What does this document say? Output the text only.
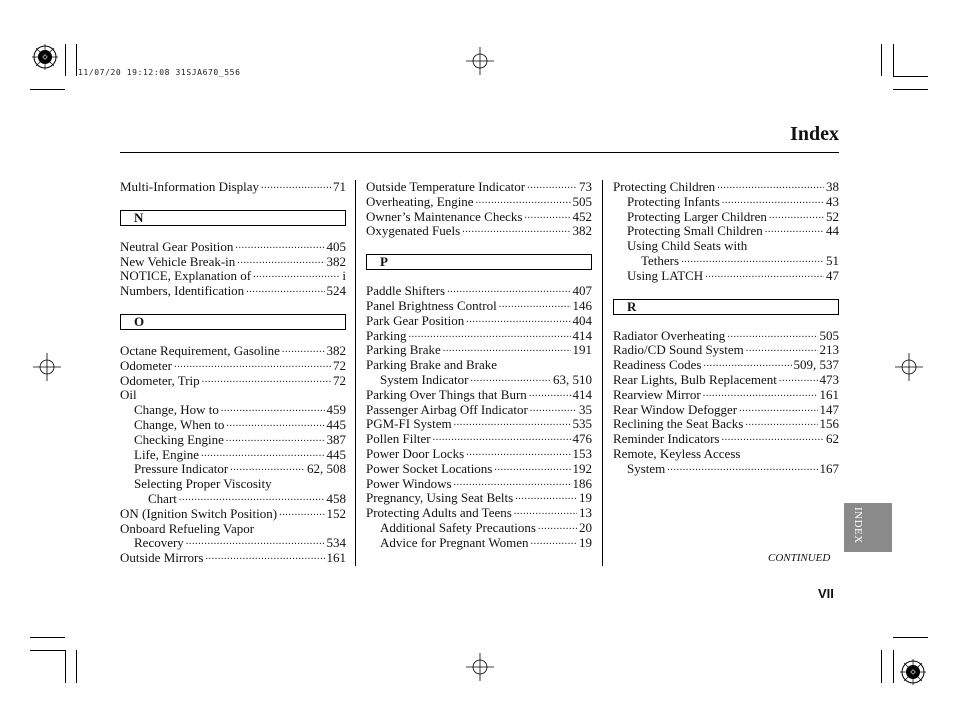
11/07/20 19:12:08 31SJA670_556
Index
Multi-Information Display .....	71
N
Neutral Gear Position .....	405
New Vehicle Break-in .....	382
NOTICE, Explanation of .....	i
Numbers, Identification .....	524
O
Octane Requirement, Gasoline .....	382
Odometer .....	72
Odometer, Trip .....	72
Oil
Change, How to .....	459
Change, When to .....	445
Checking Engine .....	387
Life, Engine .....	445
Pressure Indicator .....	62, 508
Selecting Proper Viscosity
Chart .....	458
ON (Ignition Switch Position) .....	152
Onboard Refueling Vapor
Recovery .....	534
Outside Mirrors .....	161
Outside Temperature Indicator .....	73
Overheating, Engine .....	505
Owner’s Maintenance Checks .....	452
Oxygenated Fuels .....	382
P
Paddle Shifters .....	407
Panel Brightness Control .....	146
Park Gear Position .....	404
Parking .....	414
Parking Brake .....	191
Parking Brake and Brake
System Indicator .....	63, 510
Parking Over Things that Burn .....	414
Passenger Airbag Off Indicator .....	35
PGM-FI System .....	535
Pollen Filter .....	476
Power Door Locks .....	153
Power Socket Locations .....	192
Power Windows .....	186
Pregnancy, Using Seat Belts .....	19
Protecting Adults and Teens .....	13
Additional Safety Precautions .....	20
Advice for Pregnant Women .....	19
Protecting Children .....	38
Protecting Infants .....	43
Protecting Larger Children .....	52
Protecting Small Children .....	44
Using Child Seats with
Tethers .....	51
Using LATCH .....	47
R
Radiator Overheating .....	505
Radio/CD Sound System .....	213
Readiness Codes .....	509, 537
Rear Lights, Bulb Replacement .....	473
Rearview Mirror .....	161
Rear Window Defogger .....	147
Reclining the Seat Backs .....	156
Reminder Indicators .....	62
Remote, Keyless Access
System .....	167
INDEX
CONTINUED
VII
